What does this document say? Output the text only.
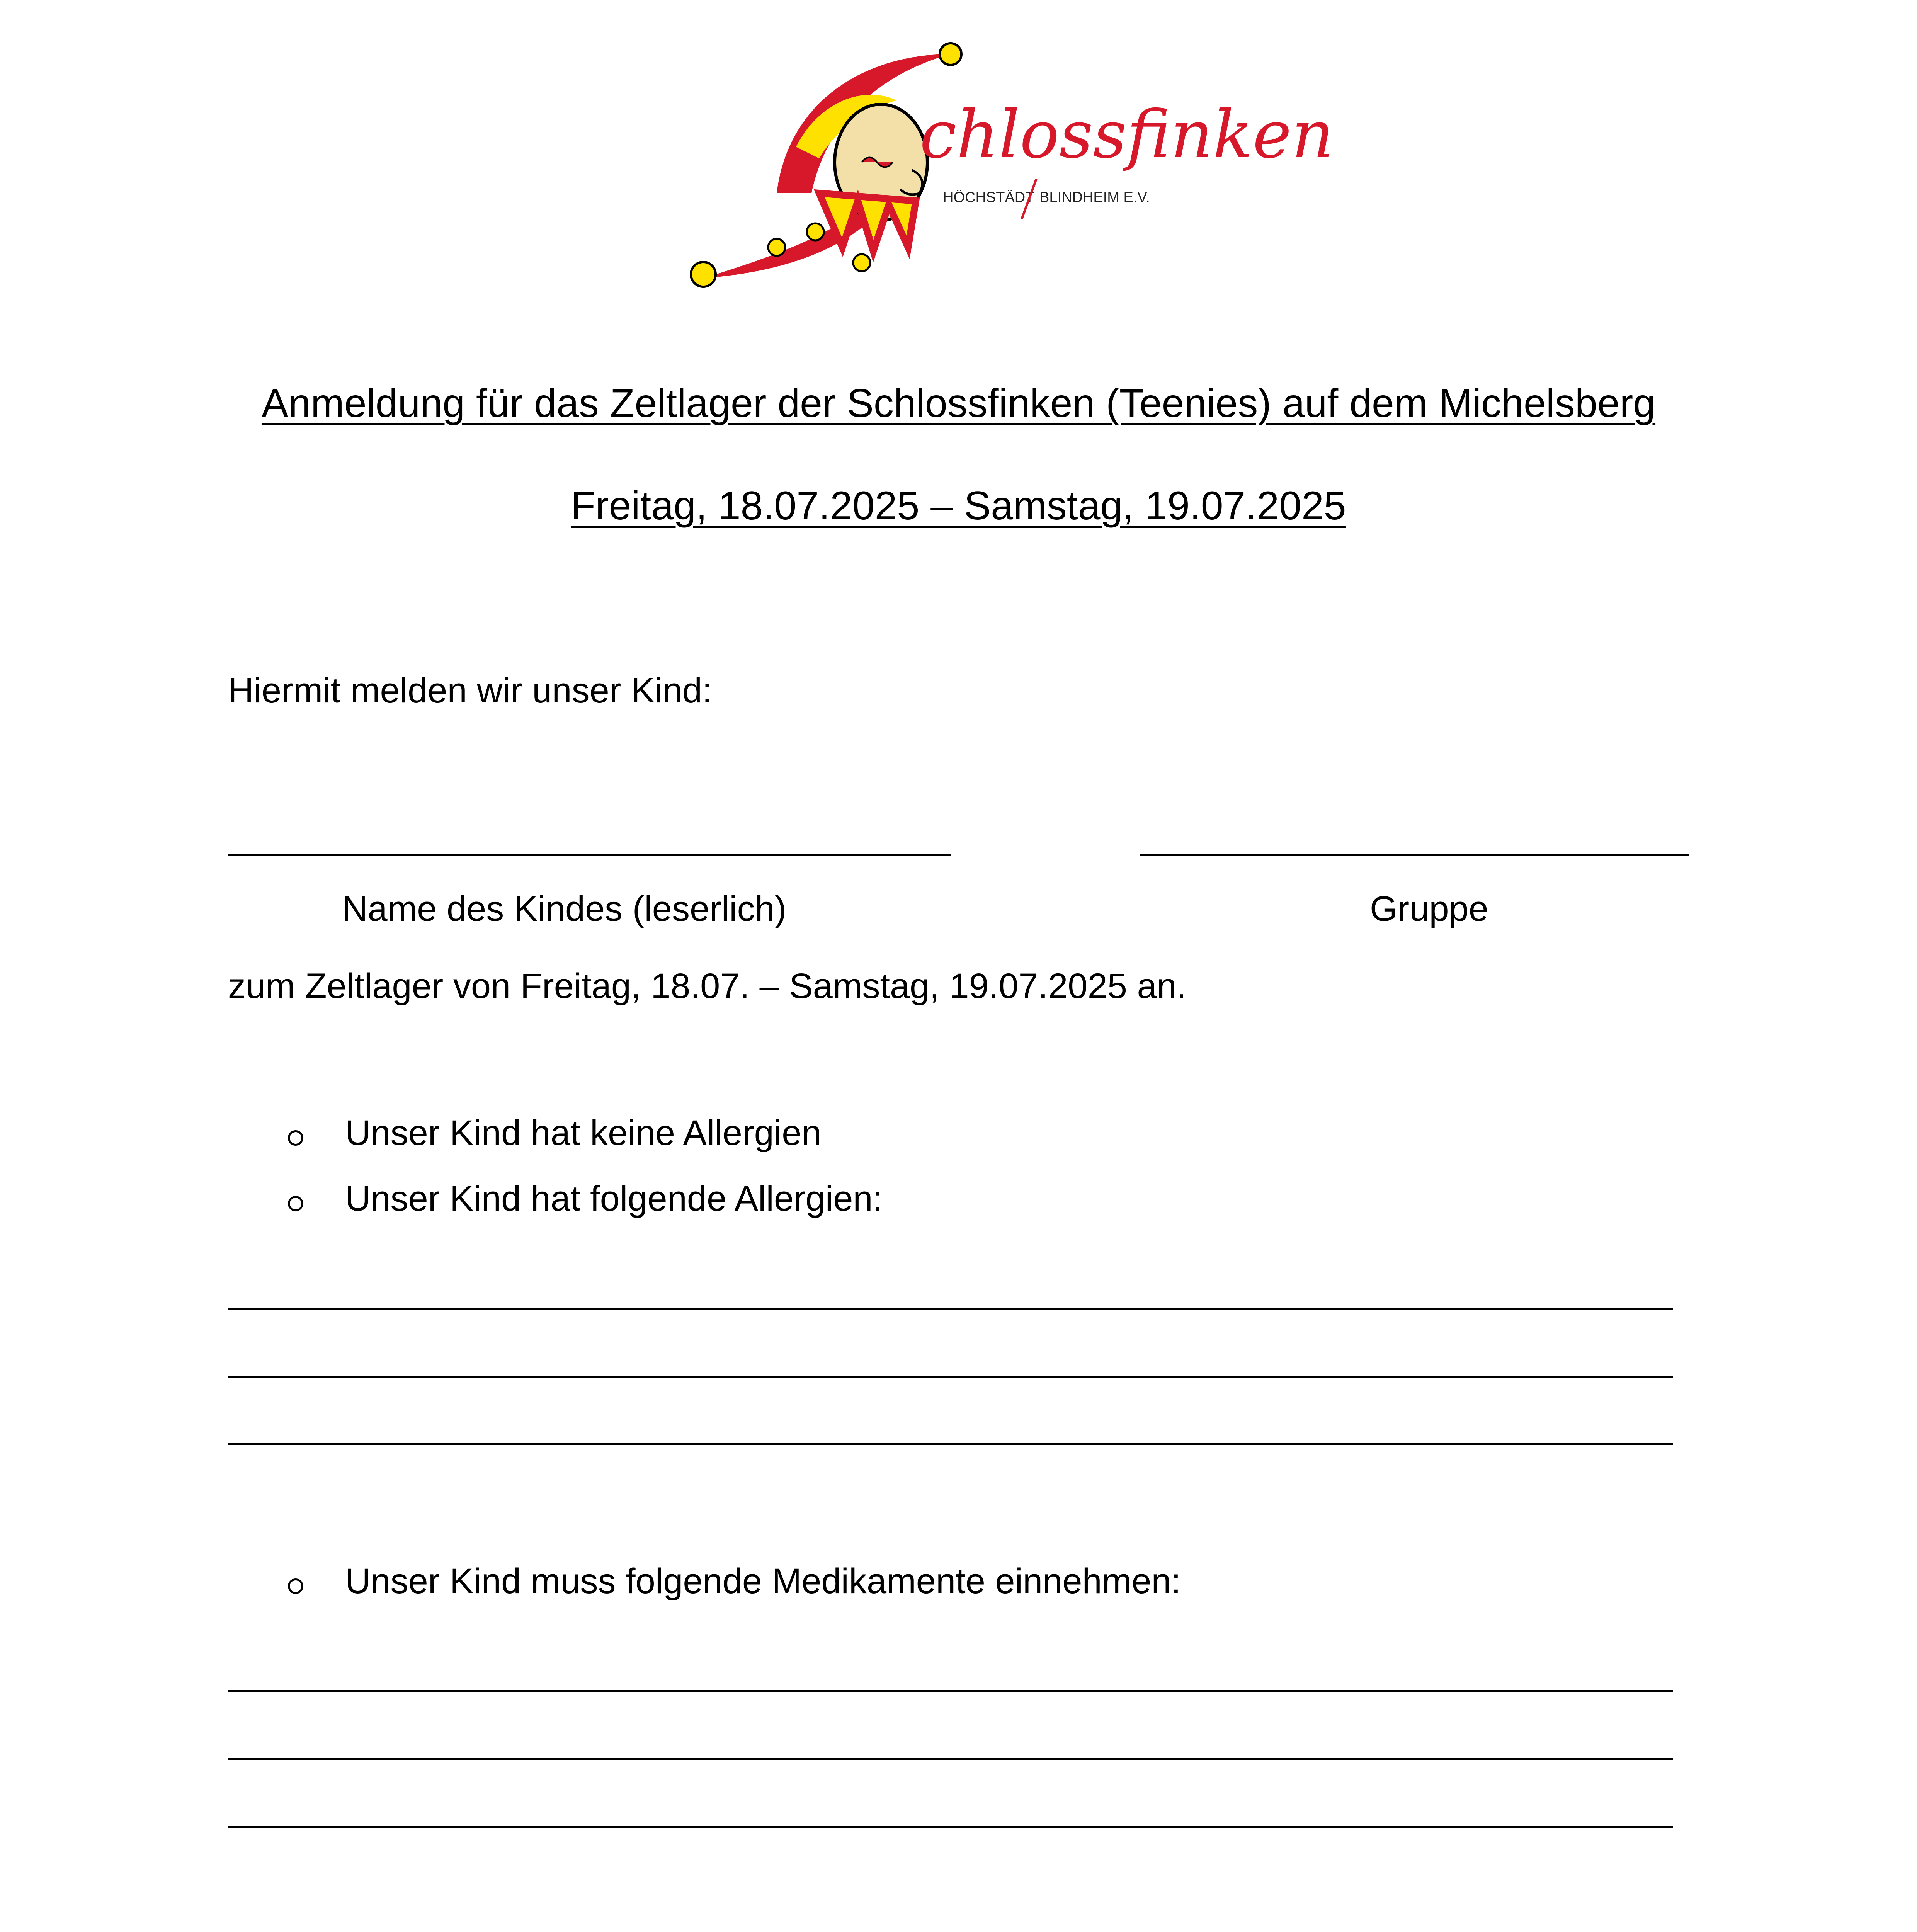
chlossfinken
HÖCHSTÄDT BLINDHEIM E.V.
Anmeldung für das Zeltlager der Schlossfinken (Teenies) auf dem Michelsberg
Freitag, 18.07.2025 – Samstag, 19.07.2025
Hiermit melden wir unser Kind:
Name des Kindes (leserlich)	Gruppe
zum Zeltlager von Freitag, 18.07. – Samstag, 19.07.2025 an.
Unser Kind hat keine Allergien
Unser Kind hat folgende Allergien:
Unser Kind muss folgende Medikamente einnehmen:
